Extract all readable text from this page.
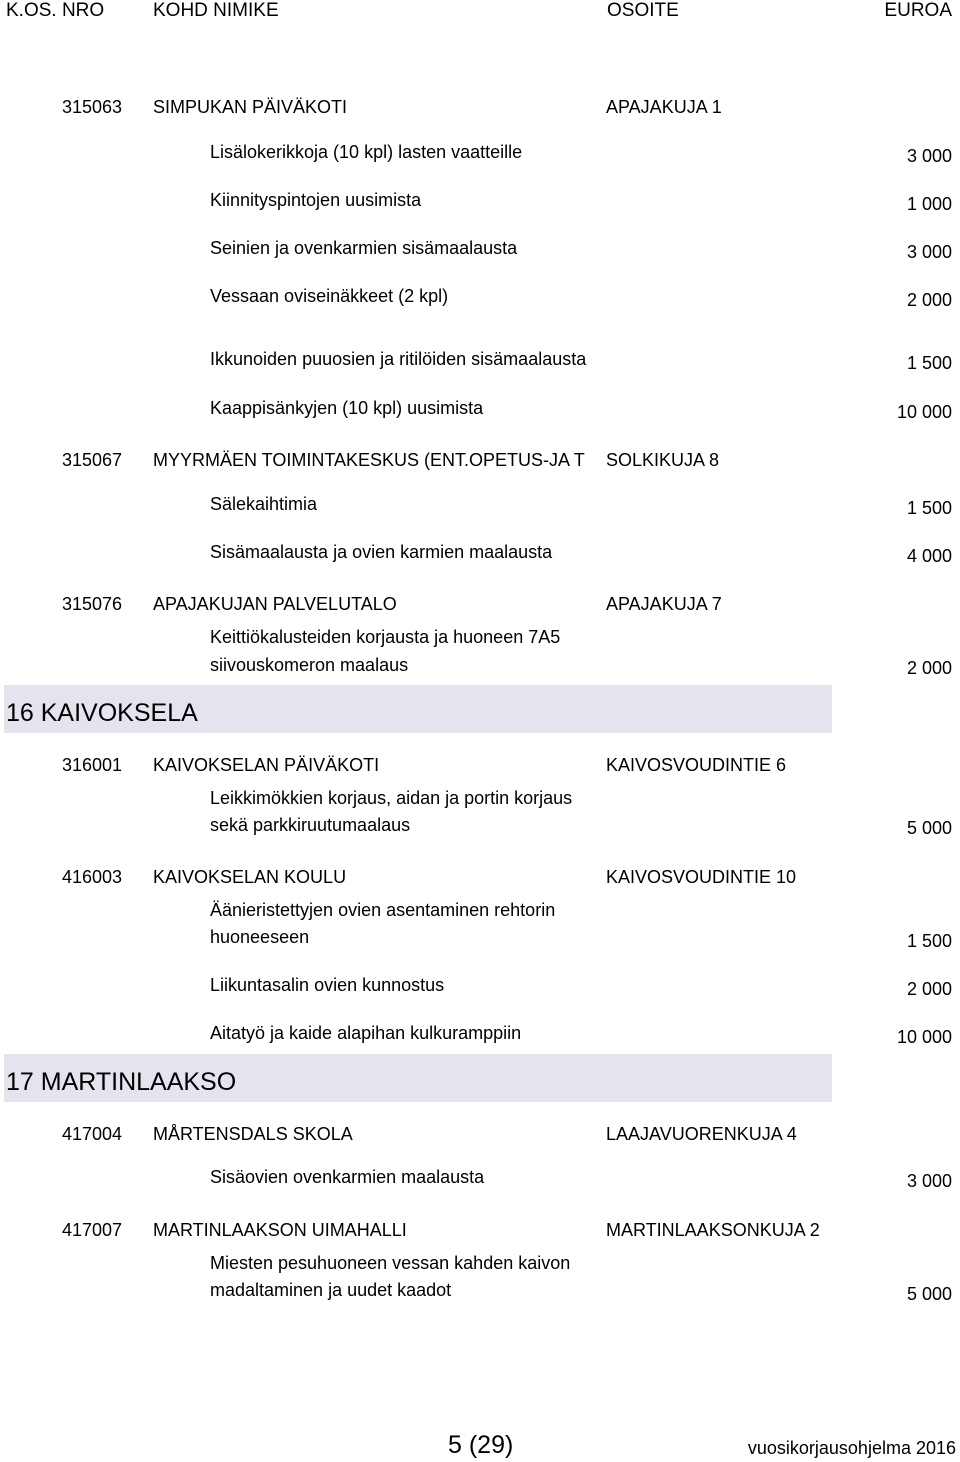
K.OS. NRO	KOHD NIMIKE	OSOITE	EUROA
315063 SIMPUKAN PÄIVÄKOTI	APAJAKUJA 1
Lisälokerikkoja (10 kpl) lasten vaatteille	3 000
Kiinnityspintojen uusimista	1 000
Seinien ja ovenkarmien sisämaalausta	3 000
Vessaan oviseinäkkeet (2 kpl)	2 000
Ikkunoiden puuosien ja ritilöiden sisämaalausta	1 500
Kaappisänkyjen (10 kpl) uusimista	10 000
315067 MYYRMÄEN TOIMINTAKESKUS (ENT.OPETUS-JA T	SOLKIKUJA 8
Sälekaihtimia	1 500
Sisämaalausta ja ovien karmien maalausta	4 000
315076 APAJAKUJAN PALVELUTALO	APAJAKUJA 7
Keittiökalusteiden korjausta ja huoneen 7A5
siivouskomeron maalaus	2 000
16 KAIVOKSELA
316001 KAIVOKSELAN PÄIVÄKOTI	KAIVOSVOUDINTIE 6
Leikkimökkien korjaus, aidan ja portin korjaus
sekä parkkiruutumaalaus	5 000
416003 KAIVOKSELAN KOULU	KAIVOSVOUDINTIE 10
Äänieristettyjen ovien asentaminen rehtorin
huoneeseen	1 500
Liikuntasalin ovien kunnostus	2 000
Aitatyö ja kaide alapihan kulkuramppiin	10 000
17 MARTINLAAKSO
417004 MÅRTENSDALS SKOLA	LAAJAVUORENKUJA 4
Sisäovien ovenkarmien maalausta	3 000
417007 MARTINLAAKSON UIMAHALLI	MARTINLAAKSONKUJA 2
Miesten pesuhuoneen vessan kahden kaivon
madaltaminen ja uudet kaadot	5 000
5 (29)	vuosikorjausohjelma 2016
